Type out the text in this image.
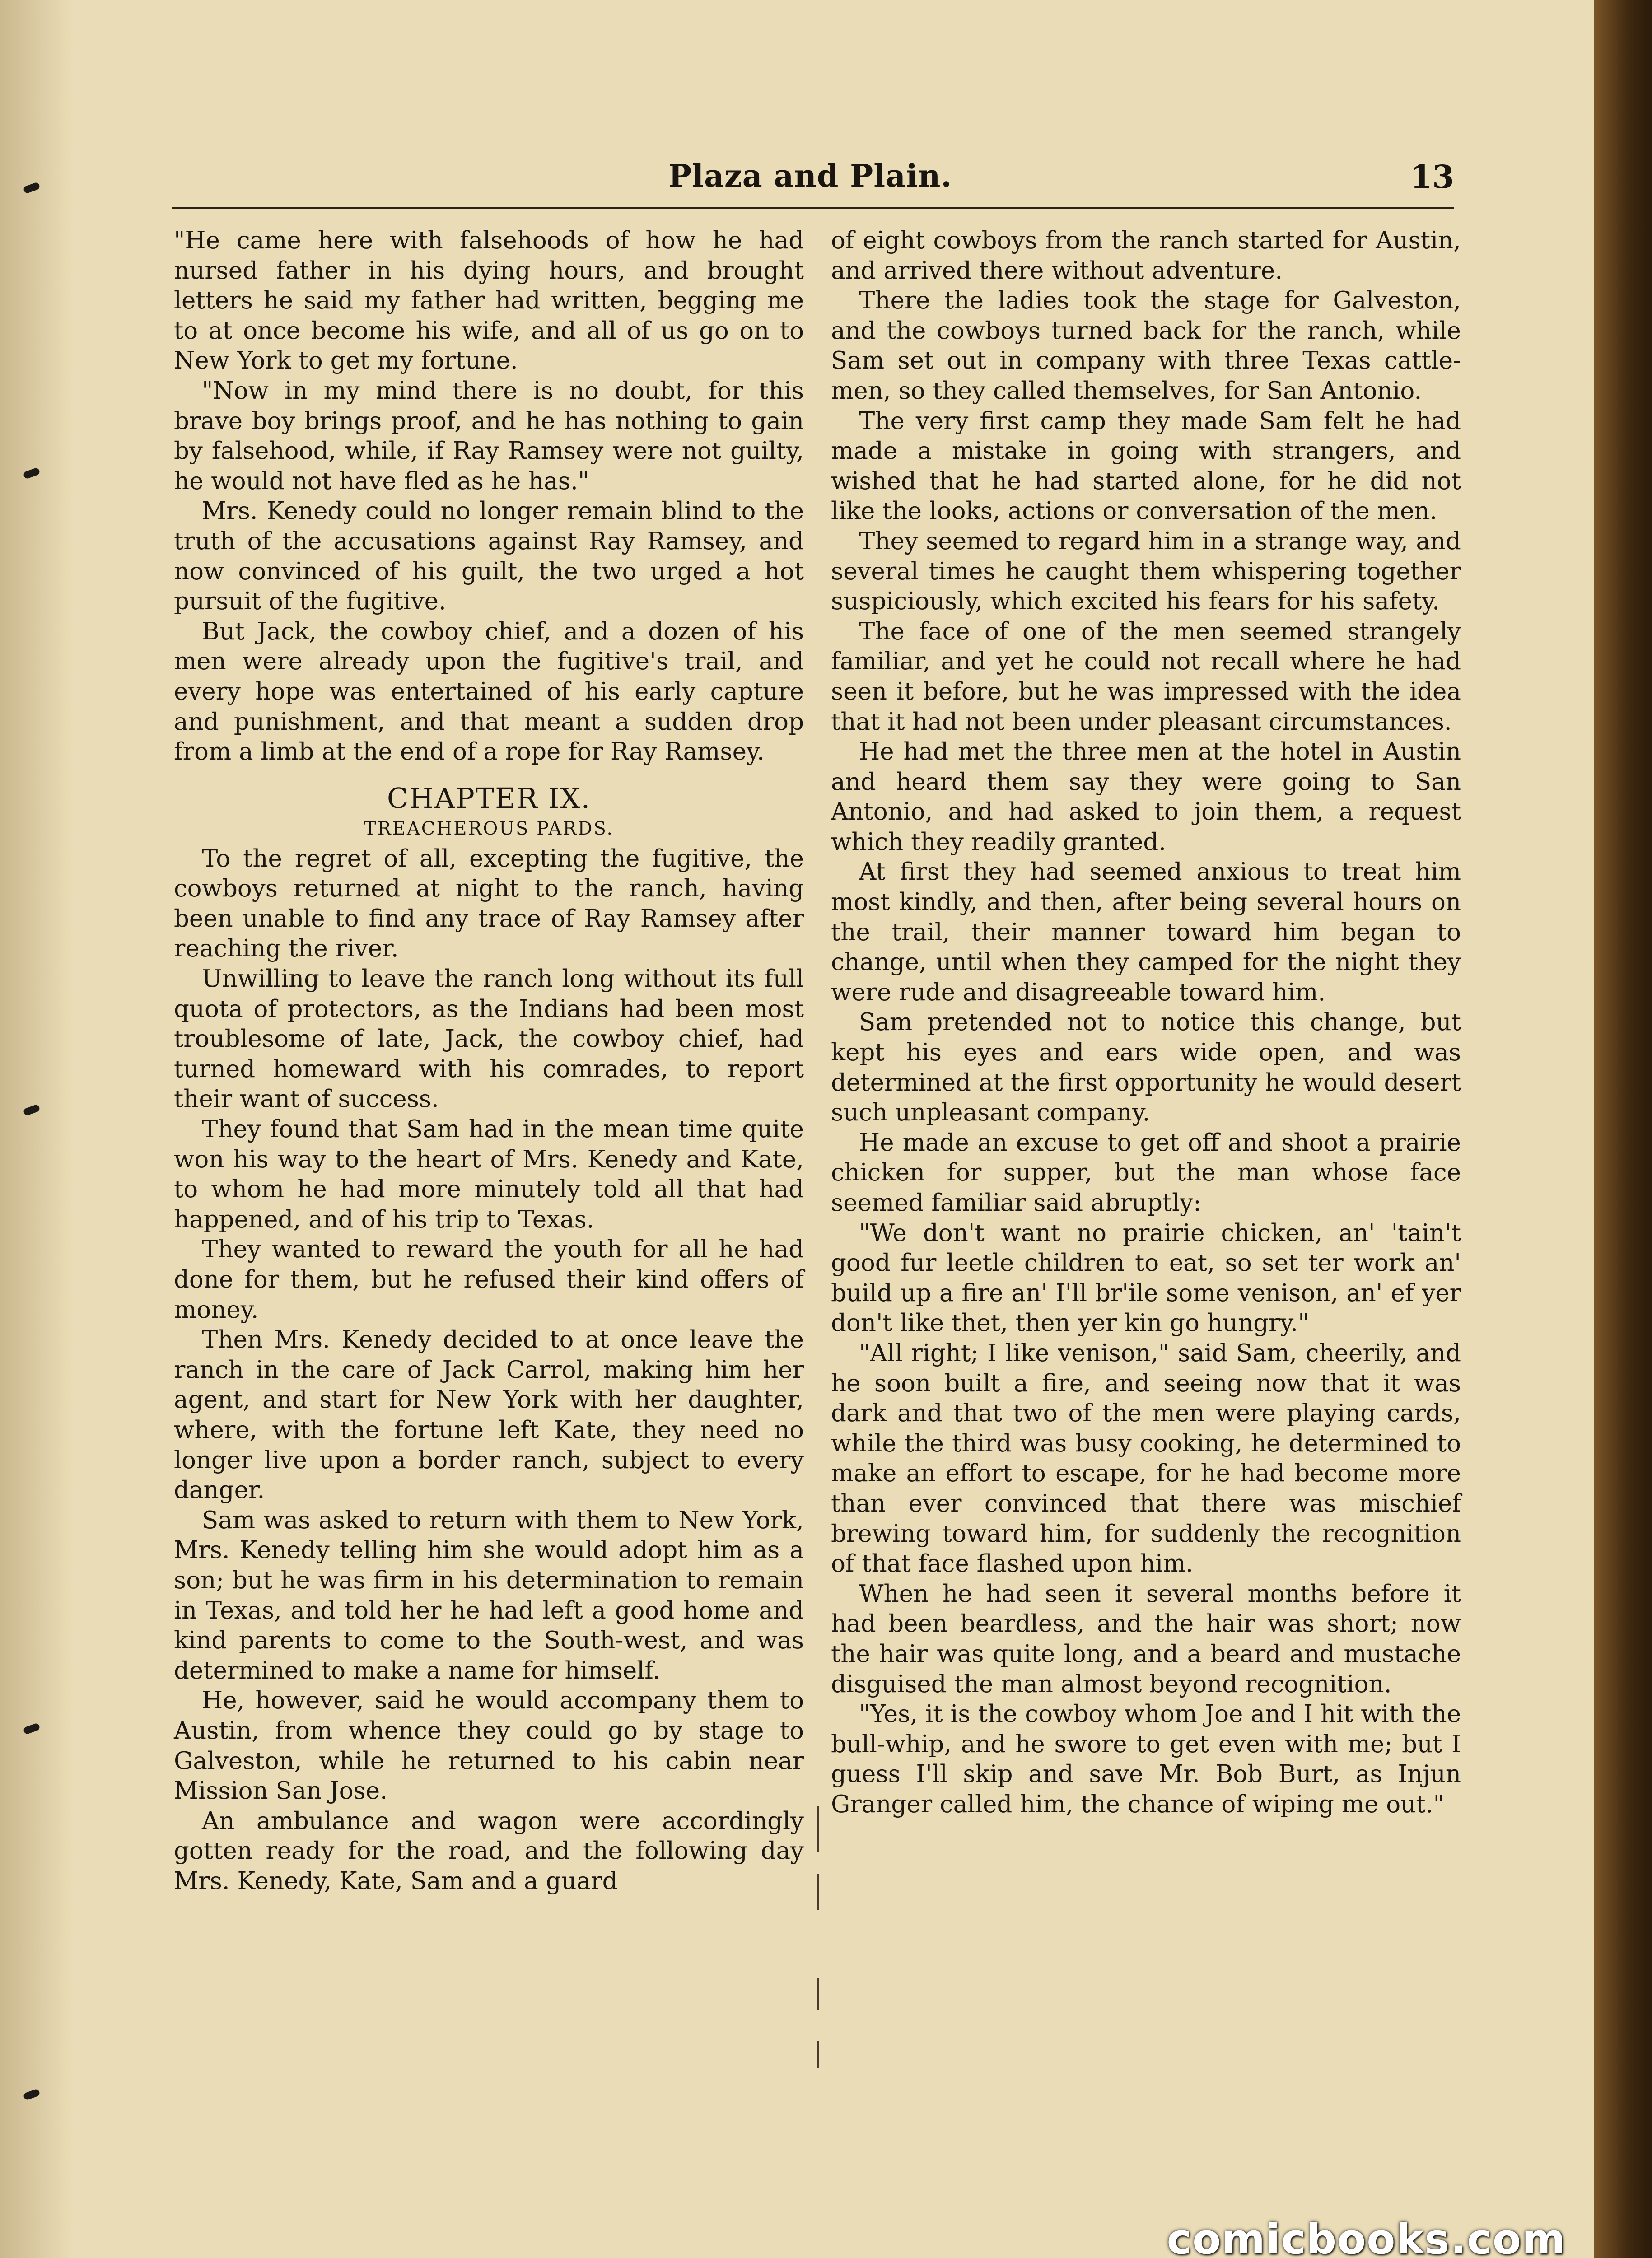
Plaza and Plain.	13

"He came here with falsehoods of how he had nursed father in his dying hours, and brought letters he said my father had written, begging me to at once become his wife, and all of us go on to New York to get my fortune.

"Now in my mind there is no doubt, for this brave boy brings proof, and he has nothing to gain by falsehood, while, if Ray Ramsey were not guilty, he would not have fled as he has."

Mrs. Kenedy could no longer remain blind to the truth of the accusations against Ray Ramsey, and now convinced of his guilt, the two urged a hot pursuit of the fugitive.

But Jack, the cowboy chief, and a dozen of his men were already upon the fugitive's trail, and every hope was entertained of his early capture and punishment, and that meant a sudden drop from a limb at the end of a rope for Ray Ramsey.

CHAPTER IX.
TREACHEROUS PARDS.

To the regret of all, excepting the fugitive, the cowboys returned at night to the ranch, having been unable to find any trace of Ray Ramsey after reaching the river.

Unwilling to leave the ranch long without its full quota of protectors, as the Indians had been most troublesome of late, Jack, the cowboy chief, had turned homeward with his comrades, to report their want of success.

They found that Sam had in the mean time quite won his way to the heart of Mrs. Kenedy and Kate, to whom he had more minutely told all that had happened, and of his trip to Texas.

They wanted to reward the youth for all he had done for them, but he refused their kind offers of money.

Then Mrs. Kenedy decided to at once leave the ranch in the care of Jack Carrol, making him her agent, and start for New York with her daughter, where, with the fortune left Kate, they need no longer live upon a border ranch, subject to every danger.

Sam was asked to return with them to New York, Mrs. Kenedy telling him she would adopt him as a son; but he was firm in his determination to remain in Texas, and told her he had left a good home and kind parents to come to the South-west, and was determined to make a name for himself.

He, however, said he would accompany them to Austin, from whence they could go by stage to Galveston, while he returned to his cabin near Mission San Jose.

An ambulance and wagon were accordingly gotten ready for the road, and the following day Mrs. Kenedy, Kate, Sam and a guard

of eight cowboys from the ranch started for Austin, and arrived there without adventure.

There the ladies took the stage for Galveston, and the cowboys turned back for the ranch, while Sam set out in company with three Texas cattle-men, so they called themselves, for San Antonio.

The very first camp they made Sam felt he had made a mistake in going with strangers, and wished that he had started alone, for he did not like the looks, actions or conversation of the men.

They seemed to regard him in a strange way, and several times he caught them whispering together suspiciously, which excited his fears for his safety.

The face of one of the men seemed strangely familiar, and yet he could not recall where he had seen it before, but he was impressed with the idea that it had not been under pleasant circumstances.

He had met the three men at the hotel in Austin and heard them say they were going to San Antonio, and had asked to join them, a request which they readily granted.

At first they had seemed anxious to treat him most kindly, and then, after being several hours on the trail, their manner toward him began to change, until when they camped for the night they were rude and disagreeable toward him.

Sam pretended not to notice this change, but kept his eyes and ears wide open, and was determined at the first opportunity he would desert such unpleasant company.

He made an excuse to get off and shoot a prairie chicken for supper, but the man whose face seemed familiar said abruptly:

"We don't want no prairie chicken, an' 'tain't good fur leetle children to eat, so set ter work an' build up a fire an' I'll br'ile some venison, an' ef yer don't like thet, then yer kin go hungry."

"All right; I like venison," said Sam, cheerily, and he soon built a fire, and seeing now that it was dark and that two of the men were playing cards, while the third was busy cooking, he determined to make an effort to escape, for he had become more than ever convinced that there was mischief brewing toward him, for suddenly the recognition of that face flashed upon him.

When he had seen it several months before it had been beardless, and the hair was short; now the hair was quite long, and a beard and mustache disguised the man almost beyond recognition.

"Yes, it is the cowboy whom Joe and I hit with the bull-whip, and he swore to get even with me; but I guess I'll skip and save Mr. Bob Burt, as Injun Granger called him, the chance of wiping me out."

comicbooks.com
